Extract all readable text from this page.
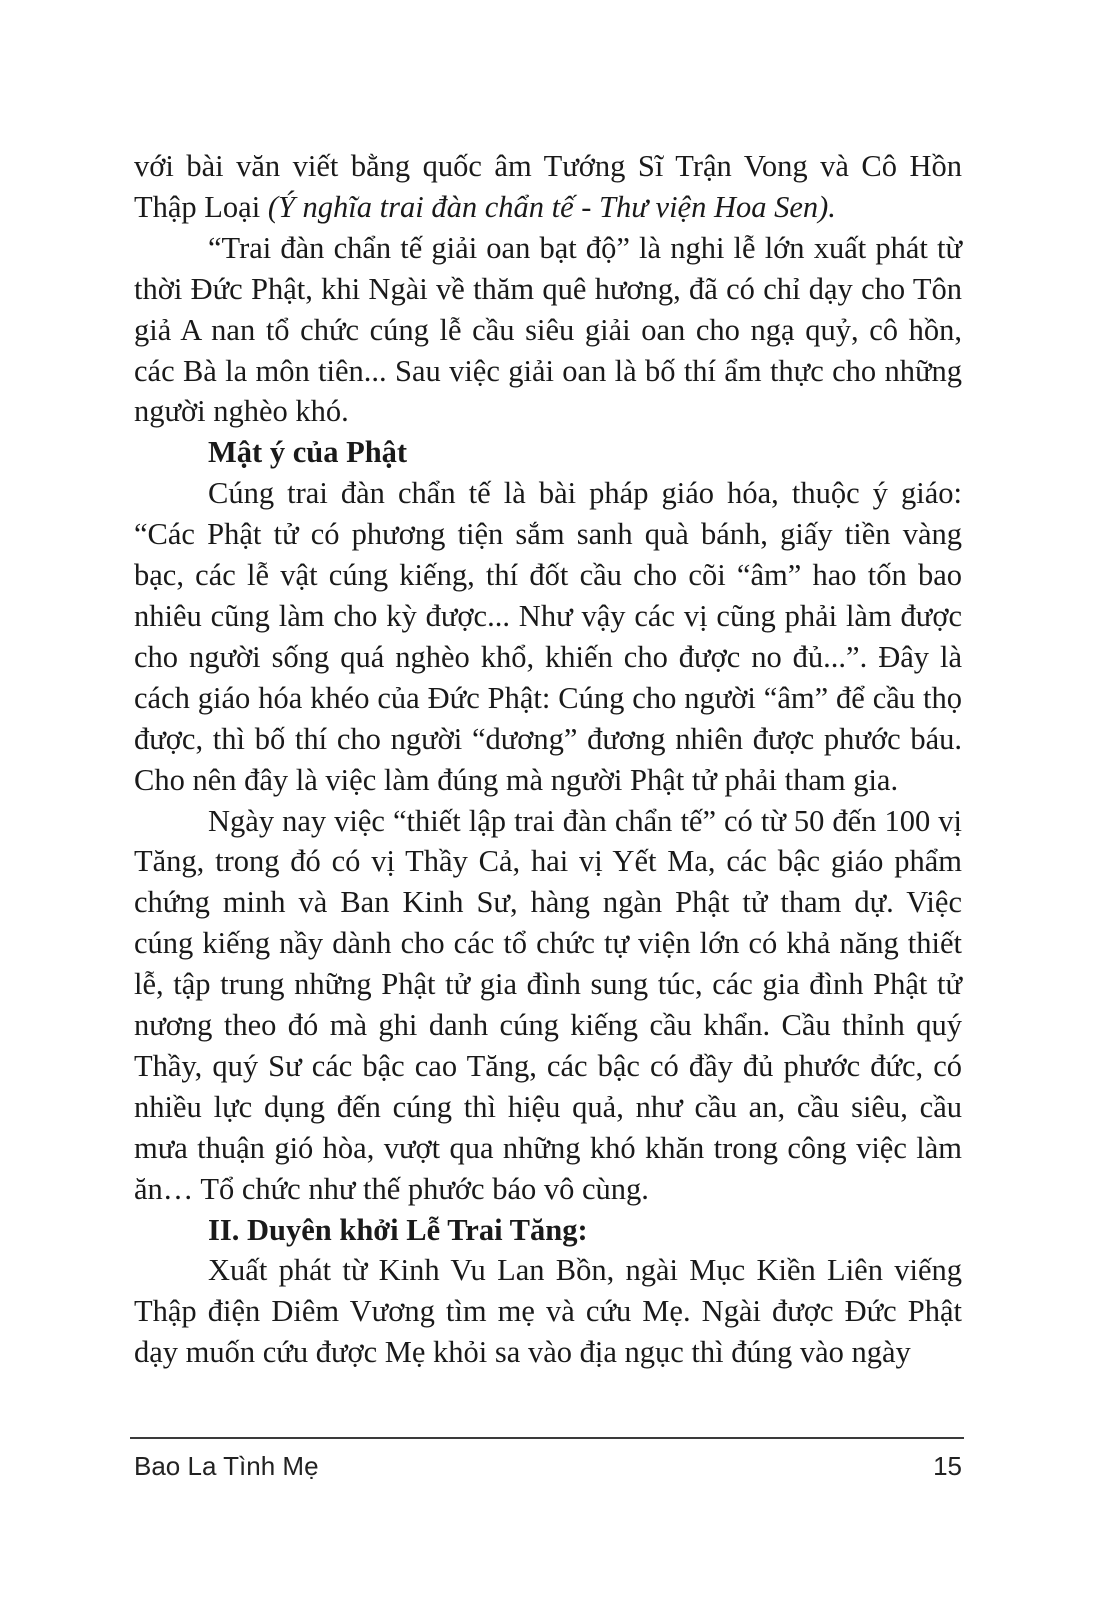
với bài văn viết bằng quốc âm Tướng Sĩ Trận Vong và Cô Hồn Thập Loại (Ý nghĩa trai đàn chẩn tế - Thư viện Hoa Sen).

“Trai đàn chẩn tế giải oan bạt độ” là nghi lễ lớn xuất phát từ thời Đức Phật, khi Ngài về thăm quê hương, đã có chỉ dạy cho Tôn giả A nan tổ chức cúng lễ cầu siêu giải oan cho ngạ quỷ, cô hồn, các Bà la môn tiên... Sau việc giải oan là bố thí ẩm thực cho những người nghèo khó.

Mật ý của Phật

Cúng trai đàn chẩn tế là bài pháp giáo hóa, thuộc ý giáo: “Các Phật tử có phương tiện sắm sanh quà bánh, giấy tiền vàng bạc, các lễ vật cúng kiếng, thí đốt cầu cho cõi “âm” hao tốn bao nhiêu cũng làm cho kỳ được... Như vậy các vị cũng phải làm được cho người sống quá nghèo khổ, khiến cho được no đủ...”. Đây là cách giáo hóa khéo của Đức Phật: Cúng cho người “âm” để cầu thọ được, thì bố thí cho người “dương” đương nhiên được phước báu. Cho nên đây là việc làm đúng mà người Phật tử phải tham gia.

Ngày nay việc “thiết lập trai đàn chẩn tế” có từ 50 đến 100 vị Tăng, trong đó có vị Thầy Cả, hai vị Yết Ma, các bậc giáo phẩm chứng minh và Ban Kinh Sư, hàng ngàn Phật tử tham dự. Việc cúng kiếng nầy dành cho các tổ chức tự viện lớn có khả năng thiết lễ, tập trung những Phật tử gia đình sung túc, các gia đình Phật tử nương theo đó mà ghi danh cúng kiếng cầu khẩn. Cầu thỉnh quý Thầy, quý Sư các bậc cao Tăng, các bậc có đầy đủ phước đức, có nhiều lực dụng đến cúng thì hiệu quả, như cầu an, cầu siêu, cầu mưa thuận gió hòa, vượt qua những khó khăn trong công việc làm ăn… Tổ chức như thế phước báo vô cùng.

II. Duyên khởi Lễ Trai Tăng:

Xuất phát từ Kinh Vu Lan Bồn, ngài Mục Kiền Liên viếng Thập điện Diêm Vương tìm mẹ và cứu Mẹ. Ngài được Đức Phật dạy muốn cứu được Mẹ khỏi sa vào địa ngục thì đúng vào ngày

Bao La Tình Mẹ	15
